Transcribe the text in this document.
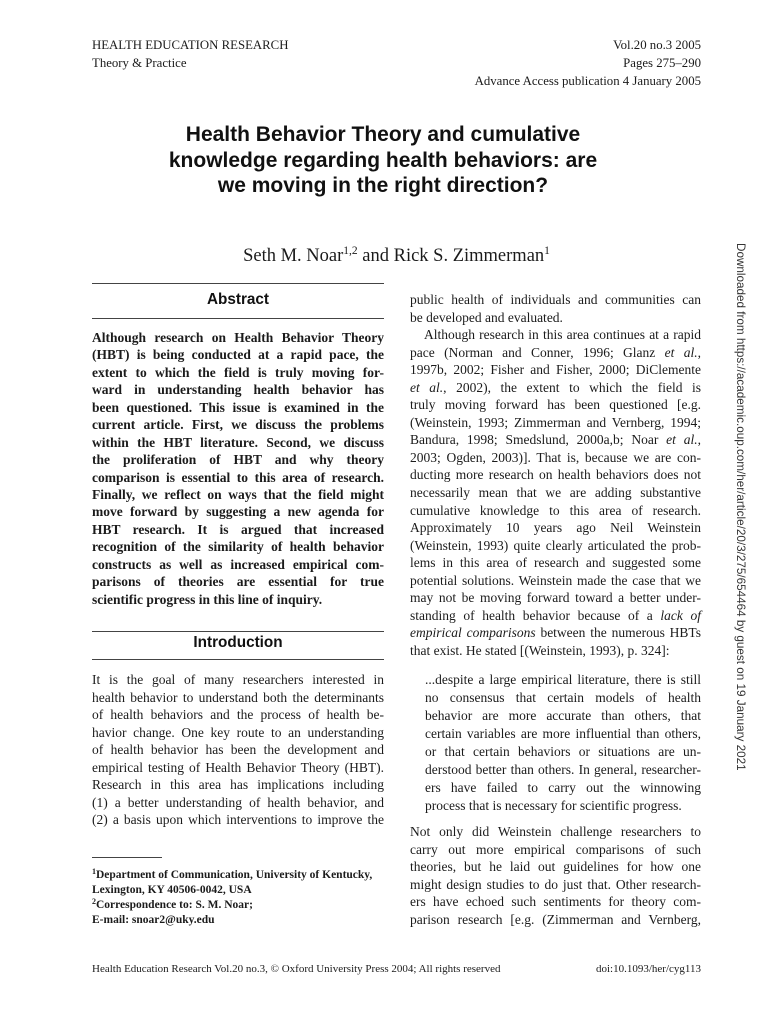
HEALTH EDUCATION RESEARCH
Theory & Practice
Vol.20 no.3 2005
Pages 275–290
Advance Access publication 4 January 2005
Health Behavior Theory and cumulative
knowledge regarding health behaviors: are
we moving in the right direction?
Seth M. Noar$^{1,2}$ and Rick S. Zimmerman$^1$
Abstract
Although research on Health Behavior Theory
(HBT) is being conducted at a rapid pace, the
extent to which the field is truly moving for-
ward in understanding health behavior has
been questioned. This issue is examined in the
current article. First, we discuss the problems
within the HBT literature. Second, we discuss
the proliferation of HBT and why theory
comparison is essential to this area of research.
Finally, we reflect on ways that the field might
move forward by suggesting a new agenda for
HBT research. It is argued that increased
recognition of the similarity of health behavior
constructs as well as increased empirical com-
parisons of theories are essential for true
scientific progress in this line of inquiry.
Introduction
It is the goal of many researchers interested in
health behavior to understand both the determinants
of health behaviors and the process of health be-
havior change. One key route to an understanding
of health behavior has been the development and
empirical testing of Health Behavior Theory (HBT).
Research in this area has implications including
(1) a better understanding of health behavior, and
(2) a basis upon which interventions to improve the
$^1$Department of Communication, University of Kentucky,
Lexington, KY 40506-0042, USA
$^2$Correspondence to: S. M. Noar;
E-mail: snoar2@uky.edu
public health of individuals and communities can
be developed and evaluated.
Although research in this area continues at a rapid
pace (Norman and Conner, 1996; Glanz et al.,
1997b, 2002; Fisher and Fisher, 2000; DiClemente
et al., 2002), the extent to which the field is
truly moving forward has been questioned [e.g.
(Weinstein, 1993; Zimmerman and Vernberg, 1994;
Bandura, 1998; Smedslund, 2000a,b; Noar et al.,
2003; Ogden, 2003)]. That is, because we are con-
ducting more research on health behaviors does not
necessarily mean that we are adding substantive
cumulative knowledge to this area of research.
Approximately 10 years ago Neil Weinstein
(Weinstein, 1993) quite clearly articulated the prob-
lems in this area of research and suggested some
potential solutions. Weinstein made the case that we
may not be moving forward toward a better under-
standing of health behavior because of a lack of
empirical comparisons between the numerous HBTs
that exist. He stated [(Weinstein, 1993), p. 324]:
...despite a large empirical literature, there is still
no consensus that certain models of health
behavior are more accurate than others, that
certain variables are more influential than others,
or that certain behaviors or situations are un-
derstood better than others. In general, researcher-
ers have failed to carry out the winnowing
process that is necessary for scientific progress.
Not only did Weinstein challenge researchers to
carry out more empirical comparisons of such
theories, but he laid out guidelines for how one
might design studies to do just that. Other research-
ers have echoed such sentiments for theory com-
parison research [e.g. (Zimmerman and Vernberg,
Health Education Research Vol.20 no.3, © Oxford University Press 2004; All rights reserved	doi:10.1093/her/cyg113
Downloaded from https://academic.oup.com/her/article/20/3/275/654464 by guest on 19 January 2021
